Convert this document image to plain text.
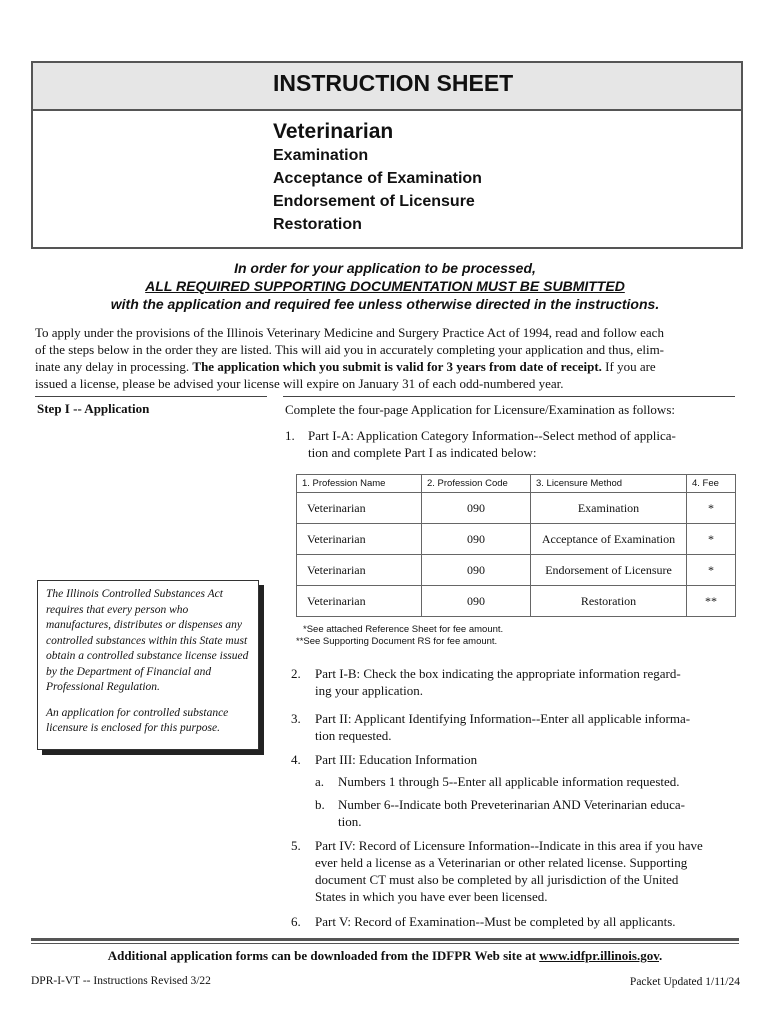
INSTRUCTION SHEET
Veterinarian
Examination
Acceptance of Examination
Endorsement of Licensure
Restoration
In order for your application to be processed,
ALL REQUIRED SUPPORTING DOCUMENTATION MUST BE SUBMITTED
with the application and required fee unless otherwise directed in the instructions.
To apply under the provisions of the Illinois Veterinary Medicine and Surgery Practice Act of 1994, read and follow each
of the steps below in the order they are listed. This will aid you in accurately completing your application and thus, elim-
inate any delay in processing. The application which you submit is valid for 3 years from date of receipt. If you are
issued a license, please be advised your license will expire on January 31 of each odd-numbered year.
Step I -- Application	Complete the four-page Application for Licensure/Examination as follows:
1. Part I-A: Application Category Information--Select method of applica-
tion and complete Part I as indicated below:
1. Profession Name	2. Profession Code	3. Licensure Method	4. Fee
Veterinarian	090	Examination	*
Veterinarian	090	Acceptance of Examination	*
Veterinarian	090	Endorsement of Licensure	*
Veterinarian	090	Restoration	**
*See attached Reference Sheet for fee amount.
**See Supporting Document RS for fee amount.

The Illinois Controlled Substances Act requires that every person who manufactures, distributes or dispenses any controlled substances within this State must obtain a controlled substance license issued by the Department of Financial and Professional Regulation.

An application for controlled substance licensure is enclosed for this purpose.

2. Part I-B: Check the box indicating the appropriate information regard-
ing your application.
3. Part II: Applicant Identifying Information--Enter all applicable informa-
tion requested.
4. Part III: Education Information
a. Numbers 1 through 5--Enter all applicable information requested.
b. Number 6--Indicate both Preveterinarian AND Veterinarian educa-
tion.
5. Part IV: Record of Licensure Information--Indicate in this area if you have
ever held a license as a Veterinarian or other related license. Supporting
document CT must also be completed by all jurisdiction of the United
States in which you have ever been licensed.
6. Part V: Record of Examination--Must be completed by all applicants.
Additional application forms can be downloaded from the IDFPR Web site at www.idfpr.illinois.gov.
DPR-I-VT -- Instructions Revised 3/22	Packet Updated 1/11/24
